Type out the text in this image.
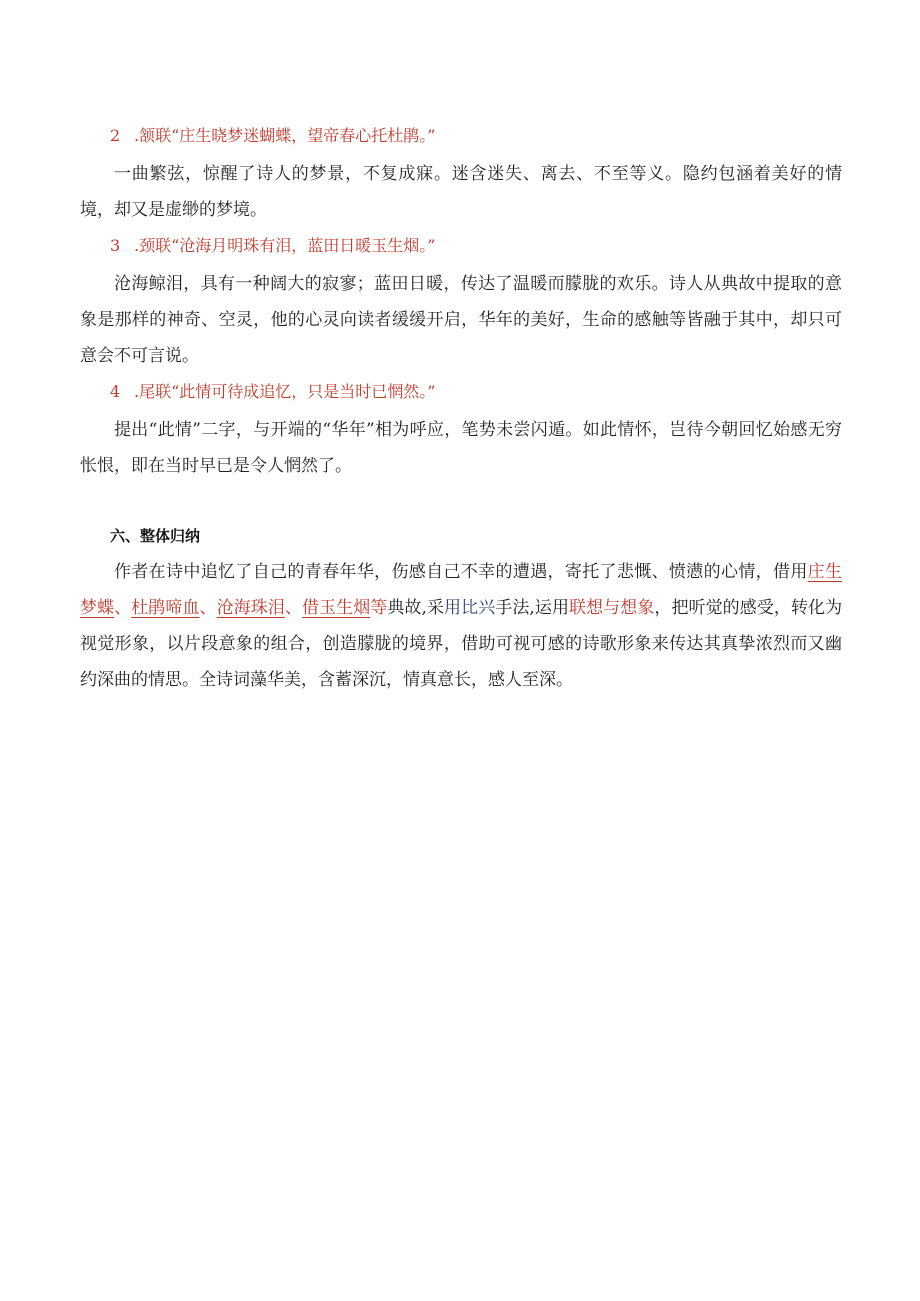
2 .颔联“庄生晓梦迷蝴蝶，望帝春心托杜鹃。”

一曲繁弦，惊醒了诗人的梦景，不复成寐。迷含迷失、离去、不至等义。隐约包涵着美好的情境，却又是虚缈的梦境。

3 .颈联“沧海月明珠有泪，蓝田日暖玉生烟。”

沧海鲸泪，具有一种阔大的寂寥；蓝田日暖，传达了温暖而朦胧的欢乐。诗人从典故中提取的意象是那样的神奇、空灵，他的心灵向读者缓缓开启，华年的美好，生命的感触等皆融于其中，却只可意会不可言说。

4 .尾联“此情可待成追忆，只是当时已惘然。”

提出“此情”二字，与开端的“华年”相为呼应，笔势未尝闪遁。如此情怀，岂待今朝回忆始感无穷怅恨，即在当时早已是令人惘然了。

六、整体归纳

作者在诗中追忆了自己的青春年华，伤感自己不幸的遭遇，寄托了悲慨、愤懑的心情，借用庄生梦蝶、杜鹃啼血、沧海珠泪、借玉生烟等典故,采用比兴手法,运用联想与想象，把听觉的感受，转化为视觉形象，以片段意象的组合，创造朦胧的境界，借助可视可感的诗歌形象来传达其真挚浓烈而又幽约深曲的情思。全诗词藻华美，含蓄深沉，情真意长，感人至深。
